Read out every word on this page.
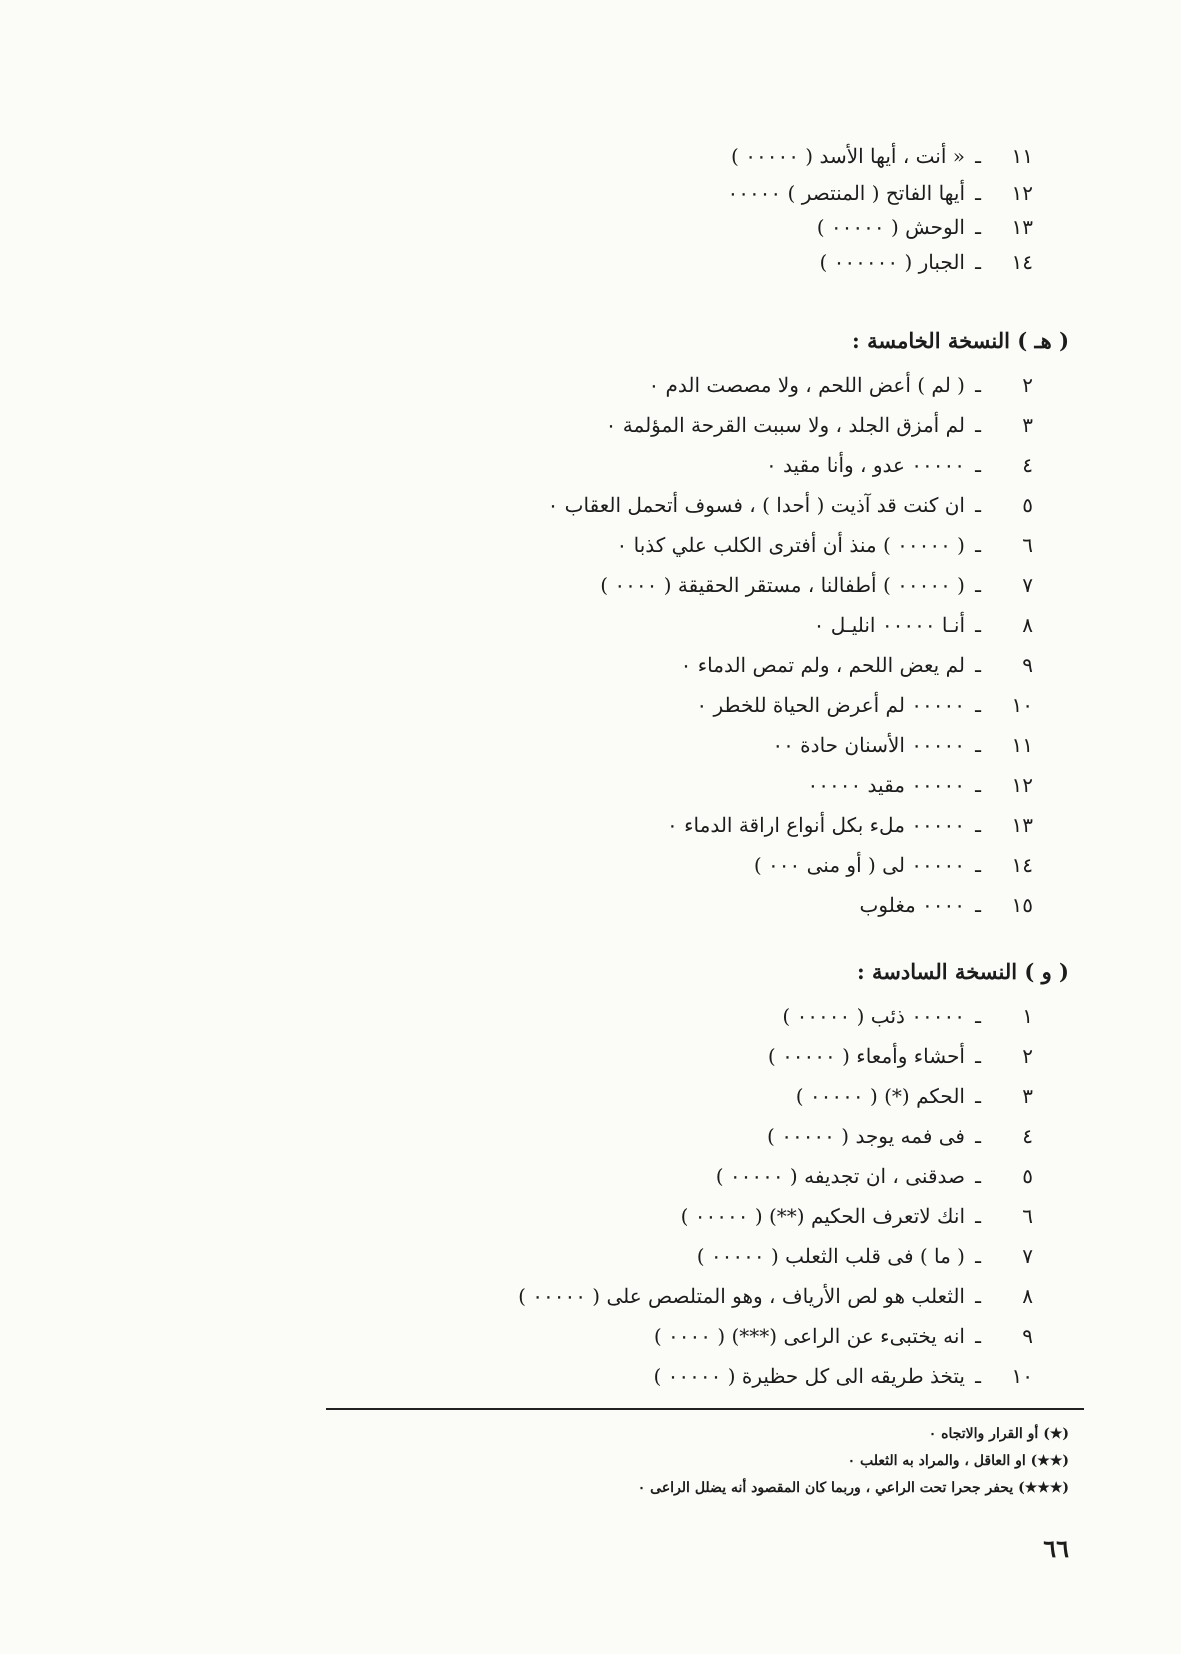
١١ـ« أنت ، أيها الأسد ( ٠٠٠٠٠ )
١٢ـأيها الفاتح ( المنتصر ) ٠٠٠٠٠
١٣ـالوحش ( ٠٠٠٠٠ )
١٤ـالجبار ( ٠٠٠٠٠٠ )
( هـ ) النسخة الخامسة :
٢ـ( لم ) أعض اللحم ، ولا مصصت الدم ٠
٣ـلم أمزق الجلد ، ولا سببت القرحة المؤلمة ٠
٤ـ٠٠٠٠٠ عدو ، وأنا مقيد ٠
٥ـان كنت قد آذيت ( أحدا ) ، فسوف أتحمل العقاب ٠
٦ـ( ٠٠٠٠٠ ) منذ أن أفترى الكلب علي كذبا ٠
٧ـ( ٠٠٠٠٠ ) أطفالنا ، مستقر الحقيقة ( ٠٠٠٠ )
٨ـأنـا ٠٠٠٠٠ انليـل ٠
٩ـلم يعض اللحم ، ولم تمص الدماء ٠
١٠ـ٠٠٠٠٠ لم أعرض الحياة للخطر ٠
١١ـ٠٠٠٠٠ الأسنان حادة ٠٠
١٢ـ٠٠٠٠٠ مقيد ٠٠٠٠٠
١٣ـ٠٠٠٠٠ ملء بكل أنواع اراقة الدماء ٠
١٤ـ٠٠٠٠٠ لى ( أو منى ٠٠٠ )
١٥ـ٠٠٠٠ مغلوب
( و ) النسخة السادسة :
١ـ٠٠٠٠٠ ذئب ( ٠٠٠٠٠ )
٢ـأحشاء وأمعاء ( ٠٠٠٠٠ )
٣ـالحكم (*) ( ٠٠٠٠٠ )
٤ـفى فمه يوجد ( ٠٠٠٠٠ )
٥ـصدقنى ، ان تجديفه ( ٠٠٠٠٠ )
٦ـانك لاتعرف الحكيم (**) ( ٠٠٠٠٠ )
٧ـ( ما ) فى قلب الثعلب ( ٠٠٠٠٠ )
٨ـالثعلب هو لص الأرياف ، وهو المتلصص على ( ٠٠٠٠٠ )
٩ـانه يختبىء عن الراعى (***) ( ٠٠٠٠ )
١٠ـيتخذ طريقه الى كل حظيرة ( ٠٠٠٠٠ )
(★) أو القرار والاتجاه ٠
(★★) او العاقل ، والمراد به الثعلب ٠
(★★★) يحفر جحرا تحت الراعي ، وربما كان المقصود أنه يضلل الراعى ٠
٦٦
